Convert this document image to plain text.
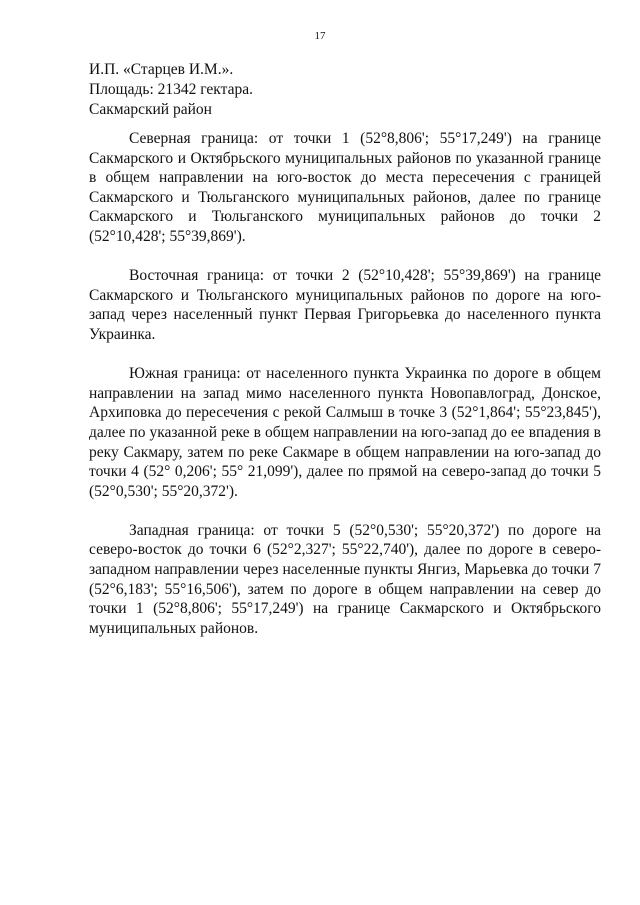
17
И.П. «Старцев И.М.».
Площадь: 21342 гектара.
Сакмарский район

Северная граница: от точки 1 (52°8,806'; 55°17,249') на границе Сакмарского и Октябрьского муниципальных районов по указанной границе в общем направлении на юго-восток до места пересечения с границей Сакмарского и Тюльганского муниципальных районов, далее по границе Сакмарского и Тюльганского муниципальных районов до точки 2 (52°10,428'; 55°39,869').

Восточная граница: от точки 2 (52°10,428'; 55°39,869') на границе Сакмарского и Тюльганского муниципальных районов по дороге на юго-запад через населенный пункт Первая Григорьевка до населенного пункта Украинка.

Южная граница: от населенного пункта Украинка по дороге в общем направлении на запад мимо населенного пункта Новопавлоград, Донское, Архиповка до пересечения с рекой Салмыш в точке 3 (52°1,864'; 55°23,845'), далее по указанной реке в общем направлении на юго-запад до ее впадения в реку Сакмару, затем по реке Сакмаре в общем направлении на юго-запад до точки 4 (52° 0,206'; 55° 21,099'), далее по прямой на северо-запад до точки 5 (52°0,530'; 55°20,372').

Западная граница: от точки 5 (52°0,530'; 55°20,372') по дороге на северо-восток до точки 6 (52°2,327'; 55°22,740'), далее по дороге в северо-западном направлении через населенные пункты Янгиз, Марьевка до точки 7 (52°6,183'; 55°16,506'), затем по дороге в общем направлении на север до точки 1 (52°8,806'; 55°17,249') на границе Сакмарского и Октябрьского муниципальных районов.
